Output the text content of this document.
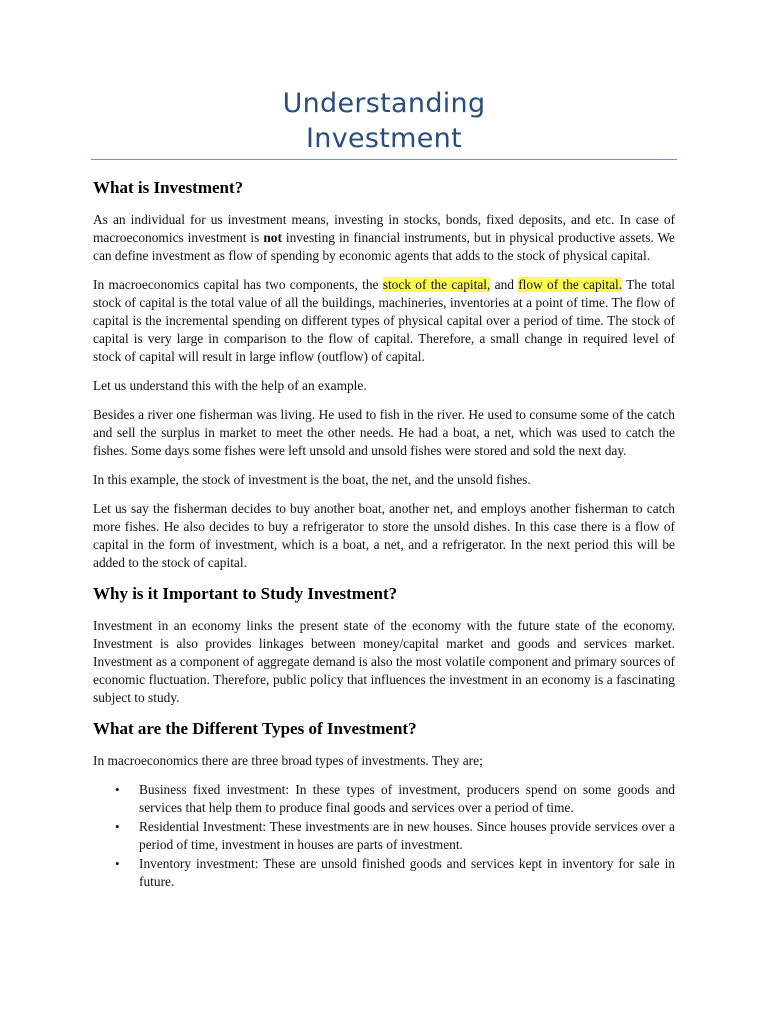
Understanding
Investment
What is Investment?

As an individual for us investment means, investing in stocks, bonds, fixed deposits, and etc. In case of macroeconomics investment is not investing in financial instruments, but in physical productive assets. We can define investment as flow of spending by economic agents that adds to the stock of physical capital.

In macroeconomics capital has two components, the stock of the capital, and flow of the capital. The total stock of capital is the total value of all the buildings, machineries, inventories at a point of time. The flow of capital is the incremental spending on different types of physical capital over a period of time. The stock of capital is very large in comparison to the flow of capital. Therefore, a small change in required level of stock of capital will result in large inflow (outflow) of capital.

Let us understand this with the help of an example.

Besides a river one fisherman was living. He used to fish in the river. He used to consume some of the catch and sell the surplus in market to meet the other needs. He had a boat, a net, which was used to catch the fishes. Some days some fishes were left unsold and unsold fishes were stored and sold the next day.

In this example, the stock of investment is the boat, the net, and the unsold fishes.

Let us say the fisherman decides to buy another boat, another net, and employs another fisherman to catch more fishes. He also decides to buy a refrigerator to store the unsold dishes. In this case there is a flow of capital in the form of investment, which is a boat, a net, and a refrigerator. In the next period this will be added to the stock of capital.

Why is it Important to Study Investment?

Investment in an economy links the present state of the economy with the future state of the economy. Investment is also provides linkages between money/capital market and goods and services market. Investment as a component of aggregate demand is also the most volatile component and primary sources of economic fluctuation. Therefore, public policy that influences the investment in an economy is a fascinating subject to study.

What are the Different Types of Investment?

In macroeconomics there are three broad types of investments. They are;

• Business fixed investment: In these types of investment, producers spend on some goods and services that help them to produce final goods and services over a period of time.
• Residential Investment: These investments are in new houses. Since houses provide services over a period of time, investment in houses are parts of investment.
• Inventory investment: These are unsold finished goods and services kept in inventory for sale in future.
